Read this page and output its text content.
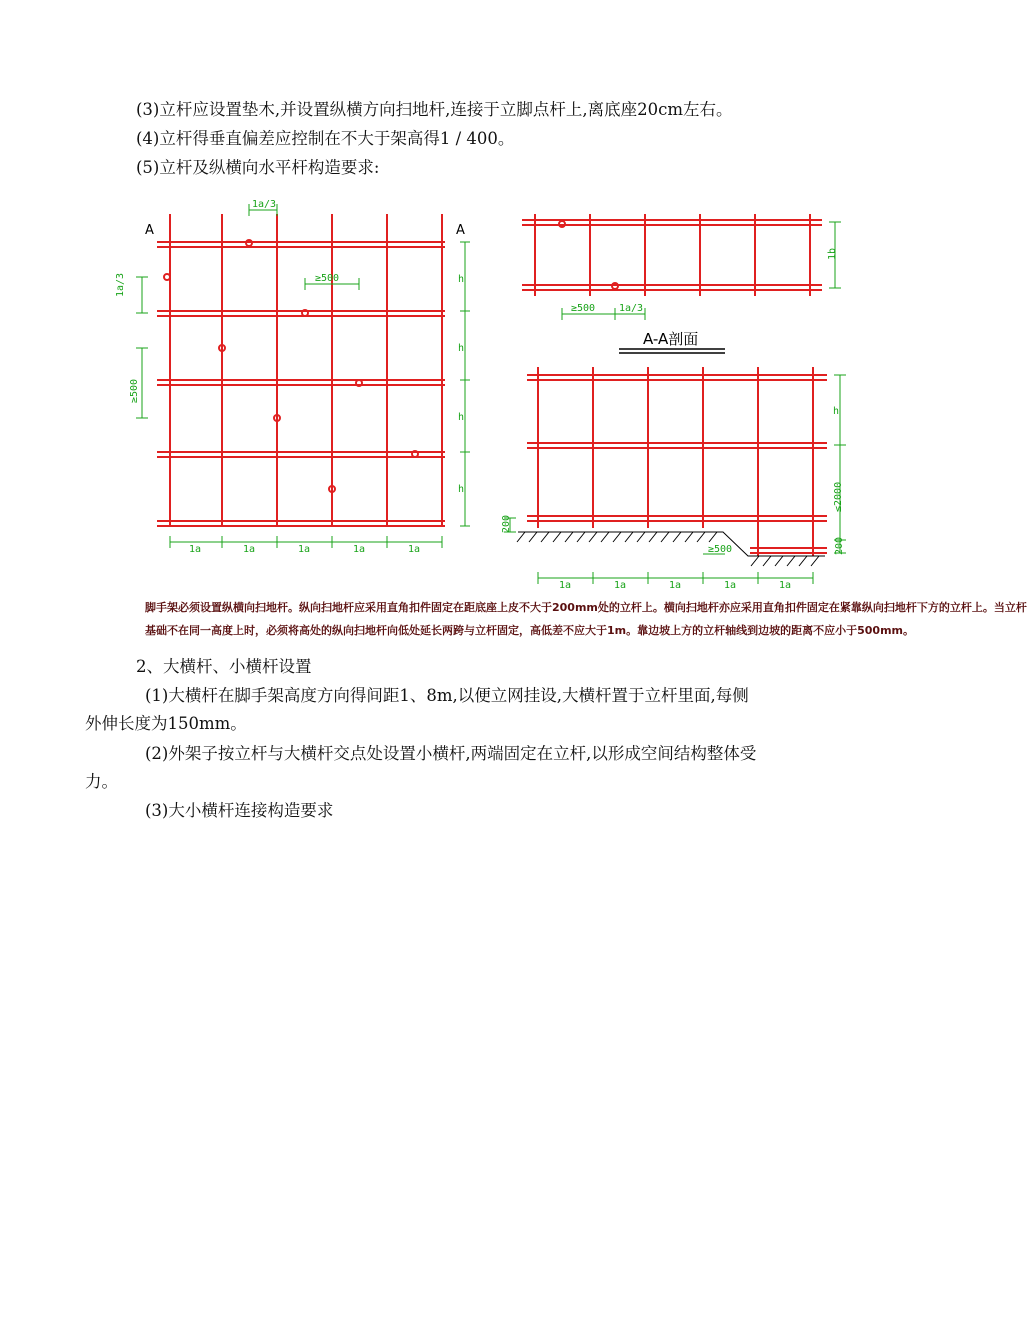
(3)立杆应设置垫木,并设置纵横方向扫地杆,连接于立脚点杆上,离底座20cm左右。
(4)立杆得垂直偏差应控制在不大于架高得1 / 400。
(5)立杆及纵横向水平杆构造要求:
A	A
1a/3
≥500
1a/3
≥500
h
h
h
h
1a	1a	1a	1a	1a
1b
≥500 1a/3
A-A剖面
h
≤2000
200
200
≥500
1a	1a	1a	1a	1a
脚手架必须设置纵横向扫地杆。纵向扫地杆应采用直角扣件固定在距底座上皮不大于200mm处的立杆上。横向扫地杆亦应采用直角扣件固定在紧靠纵向扫地杆下方的立杆上。当立杆
基础不在同一高度上时，必须将高处的纵向扫地杆向低处延长两跨与立杆固定，高低差不应大于1m。靠边坡上方的立杆轴线到边坡的距离不应小于500mm。
2、大横杆、小横杆设置
(1)大横杆在脚手架高度方向得间距1、8m,以便立网挂设,大横杆置于立杆里面,每侧
外伸长度为150mm。
(2)外架子按立杆与大横杆交点处设置小横杆,两端固定在立杆,以形成空间结构整体受
力。
(3)大小横杆连接构造要求
